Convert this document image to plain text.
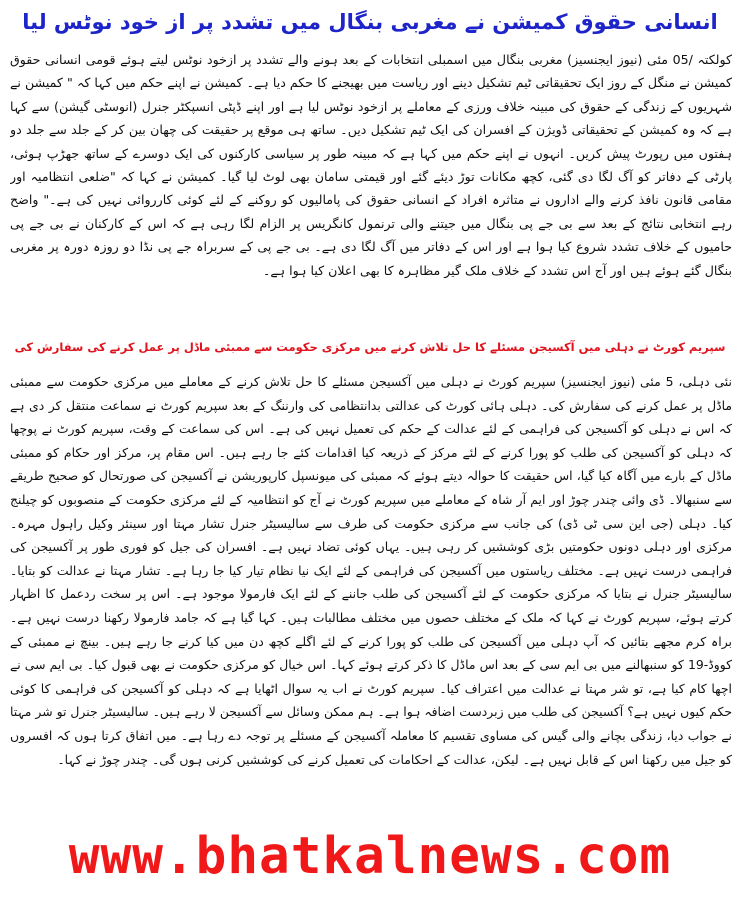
انسانی حقوق کمیشن نے مغربی بنگال میں تشدد پر از خود نوٹس لیا
کولکتہ /05 مئی (نیوز ایجنسیز) مغربی بنگال میں اسمبلی انتخابات کے بعد ہونے والے تشدد پر ازخود نوٹس لیتے ہوئے قومی انسانی حقوق کمیشن نے منگل کے روز ایک تحقیقاتی ٹیم تشکیل دینے اور ریاست میں بھیجنے کا حکم دیا ہے۔ کمیشن نے اپنے حکم میں کہا کہ " کمیشن نے شہریوں کے زندگی کے حقوق کی مبینہ خلاف ورزی کے معاملے پر ازخود نوٹس لیا ہے اور اپنے ڈپٹی انسپکٹر جنرل (انوسٹی گیشن) سے کہا ہے کہ وہ کمیشن کے تحقیقاتی ڈویژن کے افسران کی ایک ٹیم تشکیل دیں۔ ساتھ ہی موقع پر حقیقت کی چھان بین کر کے جلد سے جلد دو ہفتوں میں رپورٹ پیش کریں۔ انہوں نے اپنے حکم میں کہا ہے کہ مبینہ طور پر سیاسی کارکنوں کی ایک دوسرے کے ساتھ جھڑپ ہوئی، پارٹی کے دفاتر کو آگ لگا دی گئی، کچھ مکانات توڑ دیئے گئے اور قیمتی سامان بھی لوٹ لیا گیا۔ کمیشن نے کہا کہ "ضلعی انتظامیہ اور مقامی قانون نافذ کرنے والے اداروں نے متاثرہ افراد کے انسانی حقوق کی پامالیوں کو روکنے کے لئے کوئی کارروائی نہیں کی ہے۔" واضح رہے انتخابی نتائج کے بعد سے بی جے پی بنگال میں جیتنے والی ترنمول کانگریس پر الزام لگا رہی ہے کہ اس کے کارکنان نے بی جے پی حامیوں کے خلاف تشدد شروع کیا ہوا ہے اور اس کے دفاتر میں آگ لگا دی ہے۔ بی جے پی کے سربراہ جے پی نڈا دو روزہ دورہ پر مغربی بنگال گئے ہوئے ہیں اور آج اس تشدد کے خلاف ملک گیر مظاہرہ کا بھی اعلان کیا ہوا ہے۔
سپریم کورٹ نے دہلی میں آکسیجن مسئلے کا حل تلاش کرنے میں مرکزی حکومت سے ممبئی ماڈل پر عمل کرنے کی سفارش کی
نئی دہلی، 5 مئی (نیوز ایجنسیز) سپریم کورٹ نے دہلی میں آکسیجن مسئلے کا حل تلاش کرنے کے معاملے میں مرکزی حکومت سے ممبئی ماڈل پر عمل کرنے کی سفارش کی۔ دہلی ہائی کورٹ کی عدالتی بدانتظامی کی وارننگ کے بعد سپریم کورٹ نے سماعت منتقل کر دی ہے کہ اس نے دہلی کو آکسیجن کی فراہمی کے لئے عدالت کے حکم کی تعمیل نہیں کی ہے۔ اس کی سماعت کے وقت، سپریم کورٹ نے پوچھا کہ دہلی کو آکسیجن کی طلب کو پورا کرنے کے لئے مرکز کے ذریعہ کیا اقدامات کئے جا رہے ہیں۔ اس مقام پر، مرکز اور حکام کو ممبئی ماڈل کے بارے میں آگاہ کیا گیا، اس حقیقت کا حوالہ دیتے ہوئے کہ ممبئی کی میونسپل کارپوریشن نے آکسیجن کی صورتحال کو صحیح طریقے سے سنبھالا۔ ڈی وائی چندر چوڑ اور ایم آر شاہ کے معاملے میں سپریم کورٹ نے آج کو انتظامیہ کے لئے مرکزی حکومت کے منصوبوں کو چیلنج کیا۔ دہلی (جی این سی ٹی ڈی) کی جانب سے مرکزی حکومت کی طرف سے سالیسیٹر جنرل تشار مہتا اور سینئر وکیل راہول مہرہ۔ مرکزی اور دہلی دونوں حکومتیں بڑی کوششیں کر رہی ہیں۔ یہاں کوئی تضاد نہیں ہے۔ افسران کی جیل کو فوری طور پر آکسیجن کی فراہمی درست نہیں ہے۔ مختلف ریاستوں میں آکسیجن کی فراہمی کے لئے ایک نیا نظام تیار کیا جا رہا ہے۔ تشار مہتا نے عدالت کو بتایا۔ سالیسیٹر جنرل نے بتایا کہ مرکزی حکومت کے لئے آکسیجن کی طلب جاننے کے لئے ایک فارمولا موجود ہے۔ اس پر سخت ردعمل کا اظہار کرتے ہوئے، سپریم کورٹ نے کہا کہ ملک کے مختلف حصوں میں مختلف مطالبات ہیں۔ کہا گیا ہے کہ جامد فارمولا رکھنا درست نہیں ہے۔ براہ کرم مجھے بتائیں کہ آپ دہلی میں آکسیجن کی طلب کو پورا کرنے کے لئے اگلے کچھ دن میں کیا کرنے جا رہے ہیں۔ بینچ نے ممبئی کے کووڈ-19 کو سنبھالنے میں بی ایم سی کے بعد اس ماڈل کا ذکر کرتے ہوئے کہا۔ اس خیال کو مرکزی حکومت نے بھی قبول کیا۔ بی ایم سی نے اچھا کام کیا ہے، تو شر مہتا نے عدالت میں اعتراف کیا۔ سپریم کورٹ نے اب یہ سوال اٹھایا ہے کہ دہلی کو آکسیجن کی فراہمی کا کوئی حکم کیوں نہیں ہے؟ آکسیجن کی طلب میں زبردست اضافہ ہوا ہے۔ ہم ممکن وسائل سے آکسیجن لا رہے ہیں۔ سالیسیٹر جنرل تو شر مہتا نے جواب دیا، زندگی بچانے والی گیس کی مساوی تقسیم کا معاملہ آکسیجن کے مسئلے پر توجہ دے رہا ہے۔ میں اتفاق کرتا ہوں کہ افسروں کو جیل میں رکھنا اس کے قابل نہیں ہے۔ لیکن، عدالت کے احکامات کی تعمیل کرنے کی کوششیں کرنی ہوں گی۔ چندر چوڑ نے کہا۔
www.bhatkalnews.com
